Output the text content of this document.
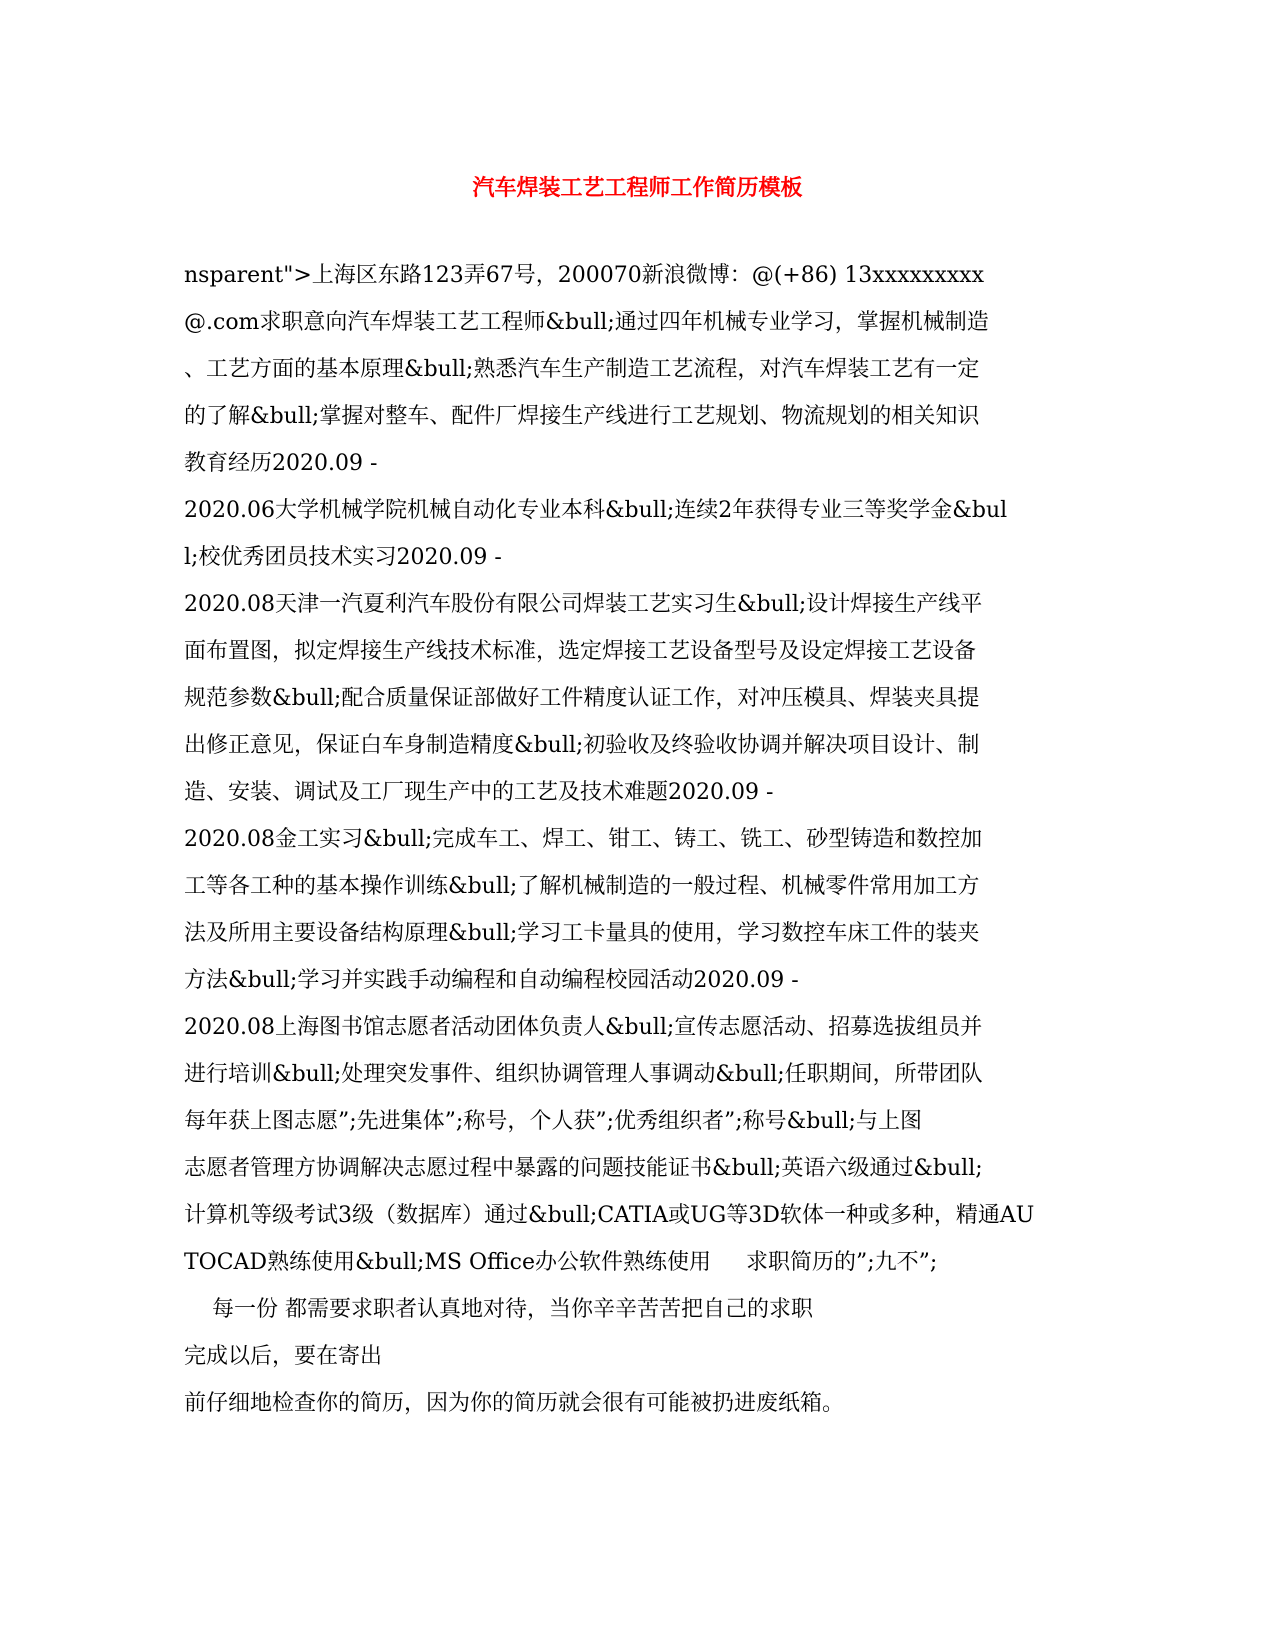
汽车焊装工艺工程师工作简历模板

nsparent">上海区东路123弄67号，200070新浪微博：@(+86) 13xxxxxxxxx

@.com求职意向汽车焊装工艺工程师&bull;通过四年机械专业学习，掌握机械制造

、工艺方面的基本原理&bull;熟悉汽车生产制造工艺流程，对汽车焊装工艺有一定

的了解&bull;掌握对整车、配件厂焊接生产线进行工艺规划、物流规划的相关知识

教育经历2020.09 -

2020.06大学机械学院机械自动化专业本科&bull;连续2年获得专业三等奖学金&bul

l;校优秀团员技术实习2020.09 -

2020.08天津一汽夏利汽车股份有限公司焊装工艺实习生&bull;设计焊接生产线平

面布置图，拟定焊接生产线技术标准，选定焊接工艺设备型号及设定焊接工艺设备

规范参数&bull;配合质量保证部做好工件精度认证工作，对冲压模具、焊装夹具提

出修正意见，保证白车身制造精度&bull;初验收及终验收协调并解决项目设计、制

造、安装、调试及工厂现生产中的工艺及技术难题2020.09 -

2020.08金工实习&bull;完成车工、焊工、钳工、铸工、铣工、砂型铸造和数控加

工等各工种的基本操作训练&bull;了解机械制造的一般过程、机械零件常用加工方

法及所用主要设备结构原理&bull;学习工卡量具的使用，学习数控车床工件的装夹

方法&bull;学习并实践手动编程和自动编程校园活动2020.09 -

2020.08上海图书馆志愿者活动团体负责人&bull;宣传志愿活动、招募选拔组员并

进行培训&bull;处理突发事件、组织协调管理人事调动&bull;任职期间，所带团队

每年获上图志愿”;先进集体”;称号，个人获”;优秀组织者”;称号&bull;与上图

志愿者管理方协调解决志愿过程中暴露的问题技能证书&bull;英语六级通过&bull;

计算机等级考试3级（数据库）通过&bull;CATIA或UG等3D软体一种或多种，精通AU

TOCAD熟练使用&bull;MS Office办公软件熟练使用     求职简历的”;九不”;

每一份 都需要求职者认真地对待，当你辛辛苦苦把自己的求职

完成以后，要在寄出

前仔细地检查你的简历，因为你的简历就会很有可能被扔进废纸箱。
